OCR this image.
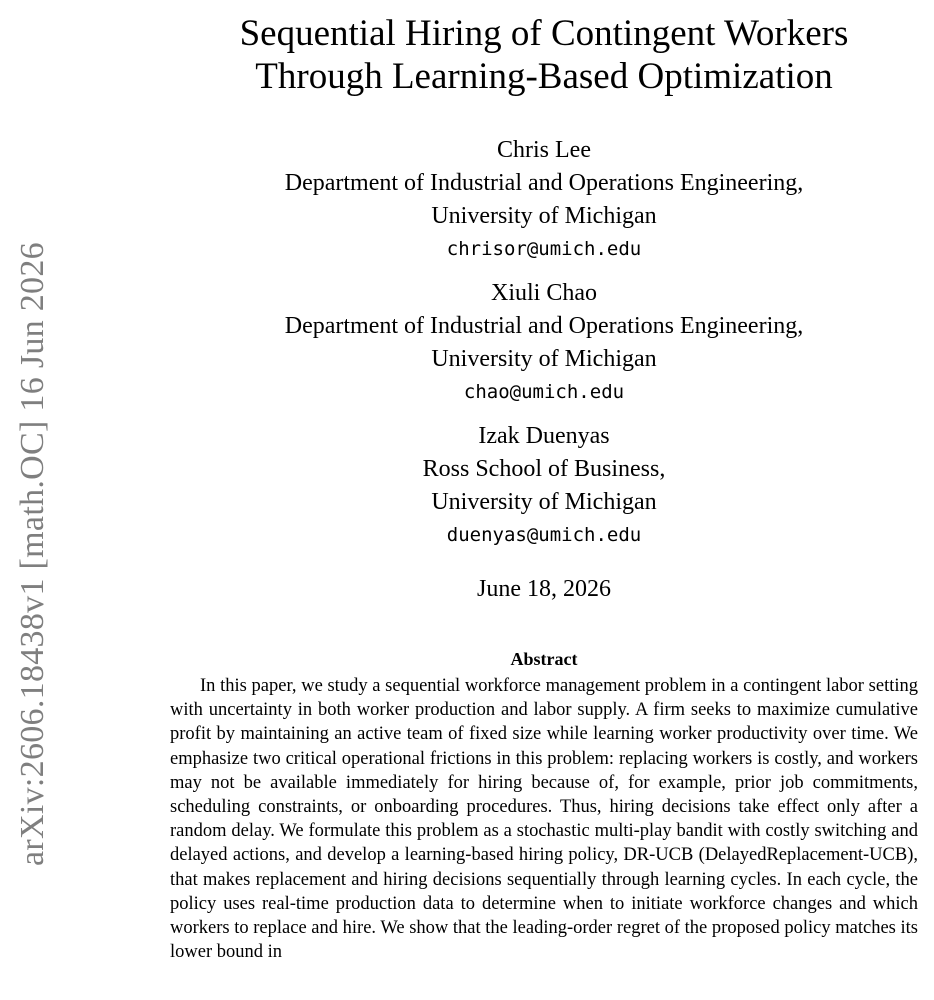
arXiv:2606.18438v1 [math.OC] 16 Jun 2026
Sequential Hiring of Contingent Workers
Through Learning-Based Optimization
Chris Lee
Department of Industrial and Operations Engineering,
University of Michigan
chrisor@umich.edu
Xiuli Chao
Department of Industrial and Operations Engineering,
University of Michigan
chao@umich.edu
Izak Duenyas
Ross School of Business,
University of Michigan
duenyas@umich.edu
June 18, 2026
Abstract

In this paper, we study a sequential workforce management problem in a contingent labor setting with uncertainty in both worker production and labor supply. A firm seeks to maximize cumulative profit by maintaining an active team of fixed size while learning worker productivity over time. We emphasize two critical operational frictions in this problem: replacing workers is costly, and workers may not be available immediately for hiring because of, for example, prior job commitments, scheduling constraints, or onboarding procedures. Thus, hiring decisions take effect only after a random delay. We formulate this problem as a stochastic multi-play bandit with costly switching and delayed actions, and develop a learning-based hiring policy, DR-UCB (DelayedReplacement-UCB), that makes replacement and hiring decisions sequentially through learning cycles. In each cycle, the policy uses real-time production data to determine when to initiate workforce changes and which workers to replace and hire. We show that the leading-order regret of the proposed policy matches its lower bound in
